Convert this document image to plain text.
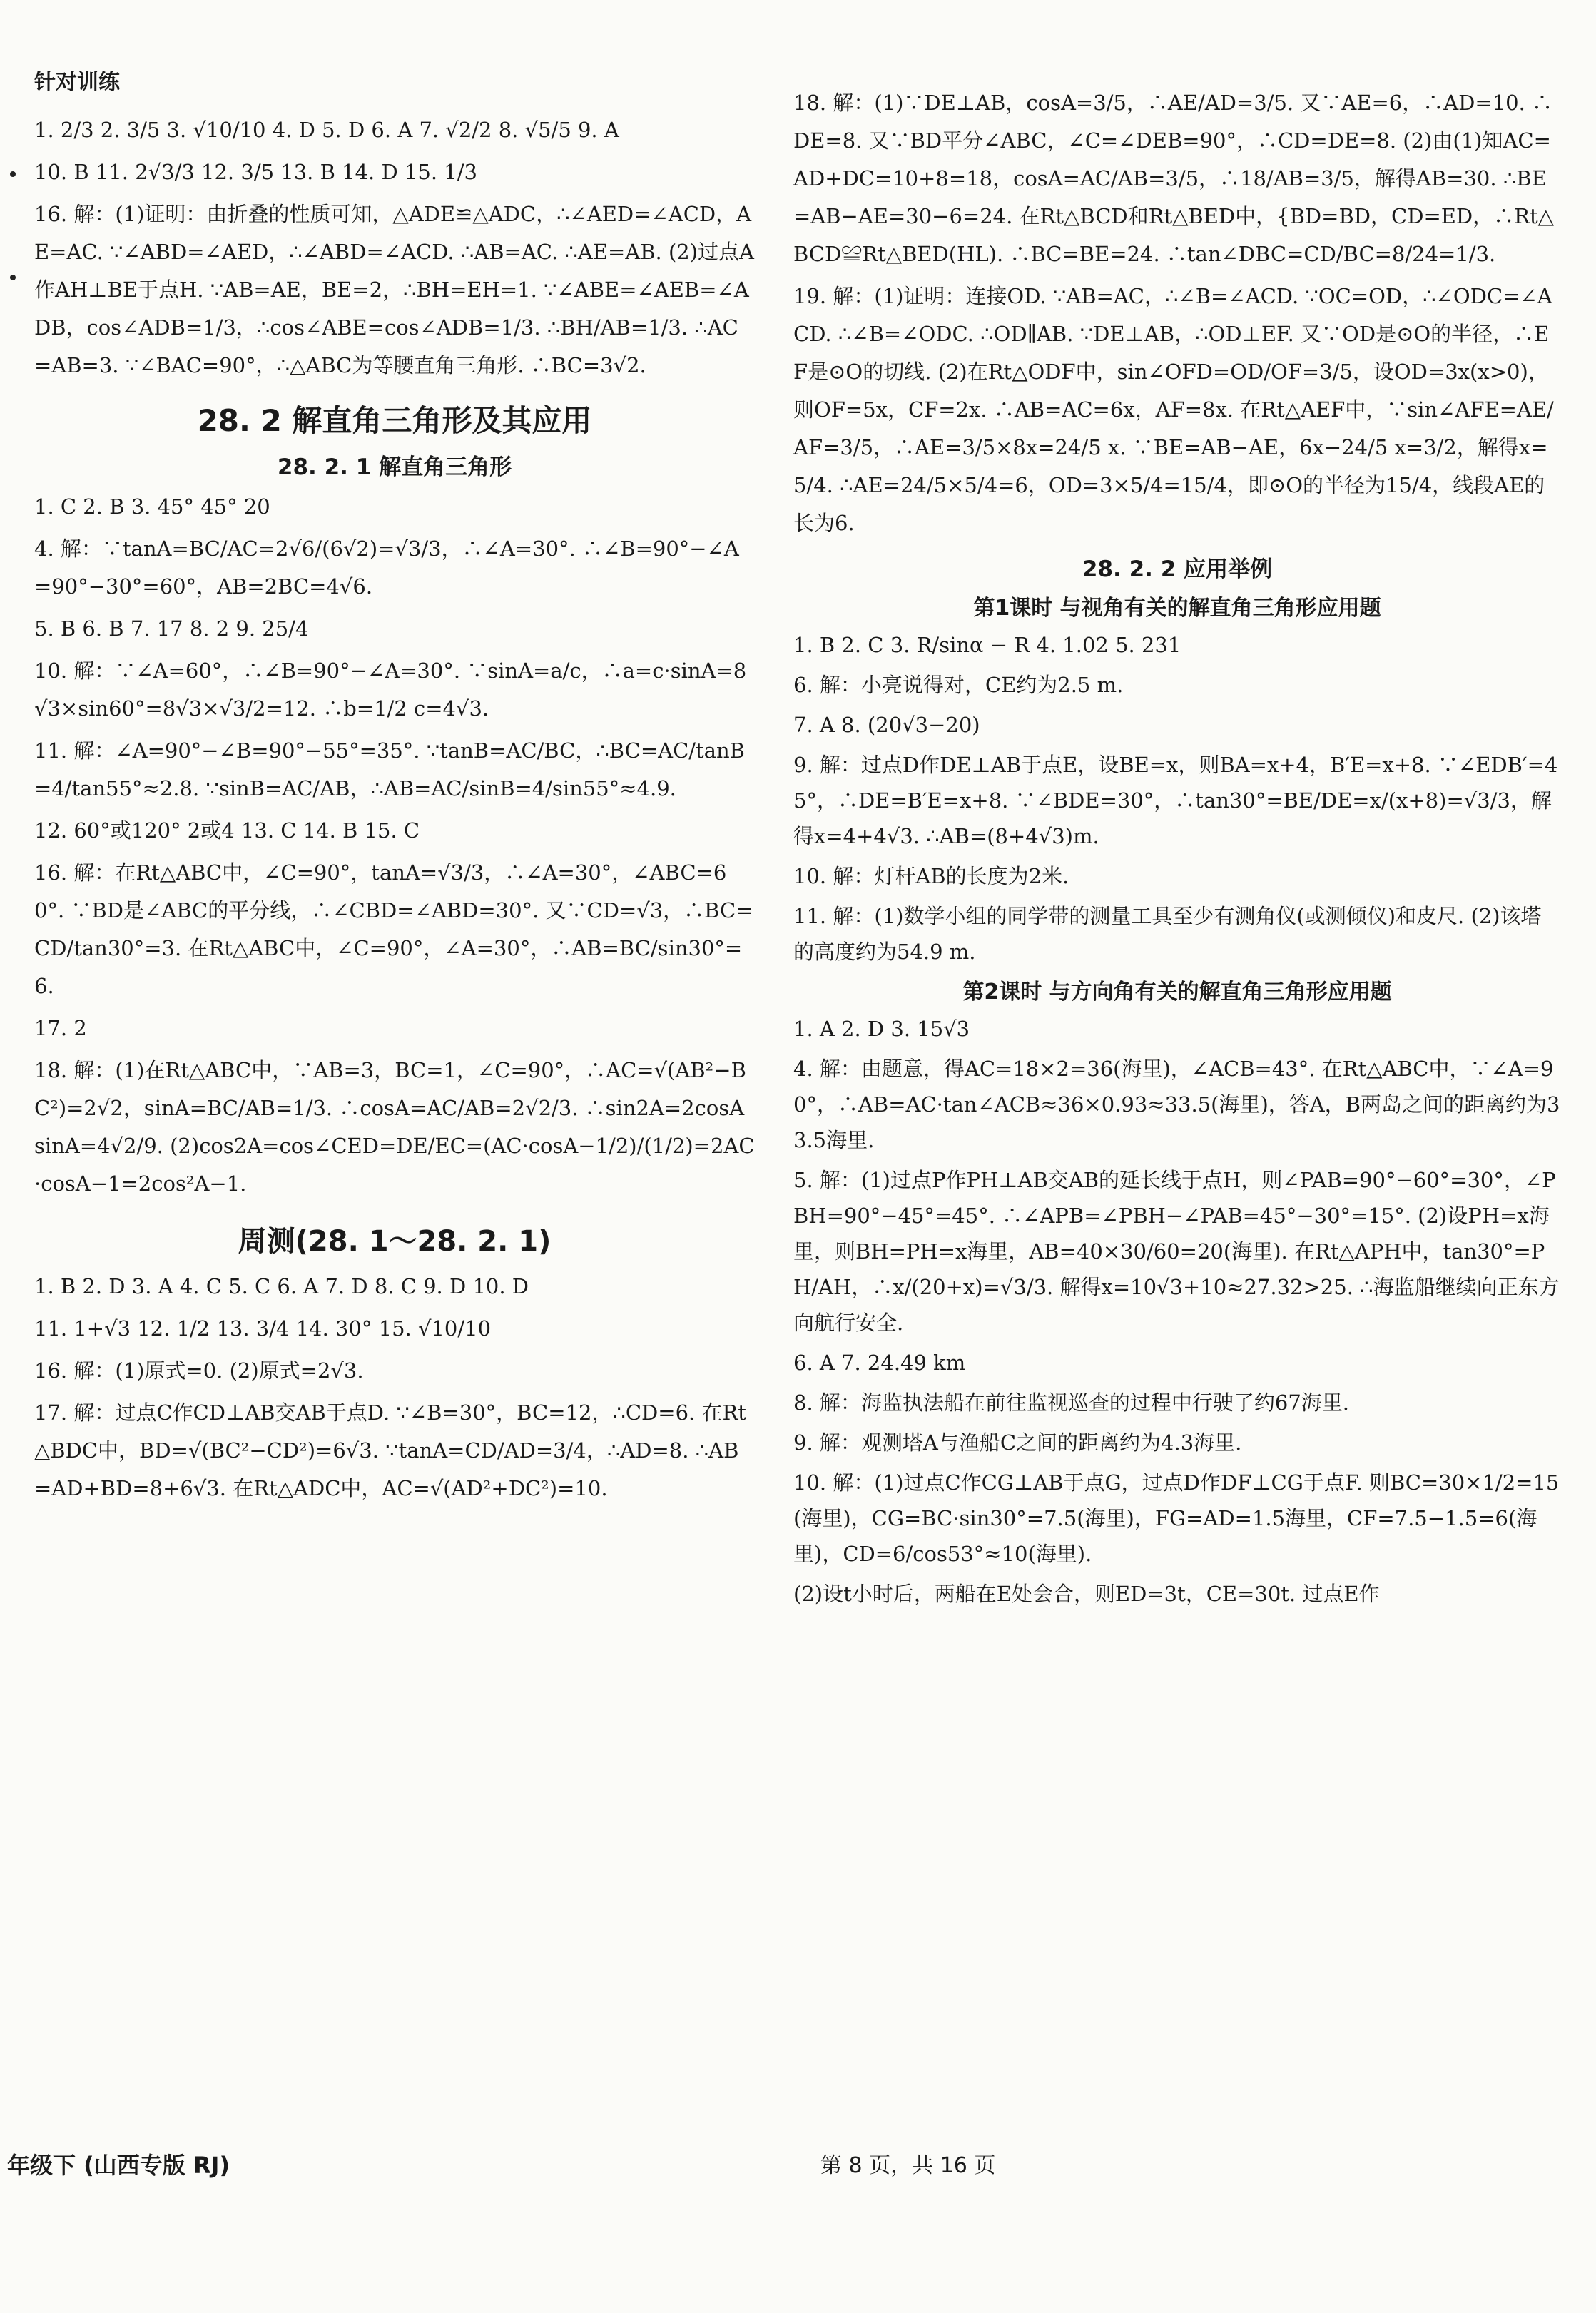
针对训练

1. 2/3 2. 3/5 3. √10/10 4. D 5. D 6. A 7. √2/2 8. √5/5 9. A

10. B 11. 2√3/3 12. 3/5 13. B 14. D 15. 1/3

16. 解：(1)证明：由折叠的性质可知，△ADE≌△ADC，∴∠AED=∠ACD，AE=AC. ∵∠ABD=∠AED，∴∠ABD=∠ACD. ∴AB=AC. ∴AE=AB. (2)过点A作AH⊥BE于点H. ∵AB=AE，BE=2，∴BH=EH=1. ∵∠ABE=∠AEB=∠ADB，cos∠ADB=1/3，∴cos∠ABE=cos∠ADB=1/3. ∴BH/AB=1/3. ∴AC=AB=3. ∵∠BAC=90°，∴△ABC为等腰直角三角形. ∴BC=3√2.

28. 2 解直角三角形及其应用
28. 2. 1 解直角三角形

1. C 2. B 3. 45° 45° 20

4. 解：∵tanA=BC/AC=2√6/(6√2)=√3/3，∴∠A=30°. ∴∠B=90°−∠A=90°−30°=60°，AB=2BC=4√6.

5. B 6. B 7. 17 8. 2 9. 25/4

10. 解：∵∠A=60°，∴∠B=90°−∠A=30°. ∵sinA=a/c，∴a=c·sinA=8√3×sin60°=8√3×√3/2=12. ∴b=1/2 c=4√3.

11. 解：∠A=90°−∠B=90°−55°=35°. ∵tanB=AC/BC，∴BC=AC/tanB=4/tan55°≈2.8. ∵sinB=AC/AB，∴AB=AC/sinB=4/sin55°≈4.9.

12. 60°或120° 2或4 13. C 14. B 15. C

16. 解：在Rt△ABC中，∠C=90°，tanA=√3/3，∴∠A=30°，∠ABC=60°. ∵BD是∠ABC的平分线，∴∠CBD=∠ABD=30°. 又∵CD=√3，∴BC=CD/tan30°=3. 在Rt△ABC中，∠C=90°，∠A=30°，∴AB=BC/sin30°=6.

17. 2

18. 解：(1)在Rt△ABC中，∵AB=3，BC=1，∠C=90°，∴AC=√(AB²−BC²)=2√2，sinA=BC/AB=1/3. ∴cosA=AC/AB=2√2/3. ∴sin2A=2cosAsinA=4√2/9. (2)cos2A=cos∠CED=DE/EC=(AC·cosA−1/2)/(1/2)=2AC·cosA−1=2cos²A−1.

周测(28. 1～28. 2. 1)

1. B 2. D 3. A 4. C 5. C 6. A 7. D 8. C 9. D 10. D

11. 1+√3 12. 1/2 13. 3/4 14. 30° 15. √10/10

16. 解：(1)原式=0. (2)原式=2√3.

17. 解：过点C作CD⊥AB交AB于点D. ∵∠B=30°，BC=12，∴CD=6. 在Rt△BDC中，BD=√(BC²−CD²)=6√3. ∵tanA=CD/AD=3/4，∴AD=8. ∴AB=AD+BD=8+6√3. 在Rt△ADC中，AC=√(AD²+DC²)=10.

18. 解：(1)∵DE⊥AB，cosA=3/5，∴AE/AD=3/5. 又∵AE=6，∴AD=10. ∴DE=8. 又∵BD平分∠ABC，∠C=∠DEB=90°，∴CD=DE=8. (2)由(1)知AC=AD+DC=10+8=18，cosA=AC/AB=3/5，∴18/AB=3/5，解得AB=30. ∴BE=AB−AE=30−6=24. 在Rt△BCD和Rt△BED中，{BD=BD，CD=ED，∴Rt△BCD≌Rt△BED(HL). ∴BC=BE=24. ∴tan∠DBC=CD/BC=8/24=1/3.

19. 解：(1)证明：连接OD. ∵AB=AC，∴∠B=∠ACD. ∵OC=OD，∴∠ODC=∠ACD. ∴∠B=∠ODC. ∴OD∥AB. ∵DE⊥AB，∴OD⊥EF. 又∵OD是⊙O的半径，∴EF是⊙O的切线. (2)在Rt△ODF中，sin∠OFD=OD/OF=3/5，设OD=3x(x>0)，则OF=5x，CF=2x. ∴AB=AC=6x，AF=8x. 在Rt△AEF中，∵sin∠AFE=AE/AF=3/5，∴AE=3/5×8x=24/5 x. ∵BE=AB−AE，6x−24/5 x=3/2，解得x=5/4. ∴AE=24/5×5/4=6，OD=3×5/4=15/4，即⊙O的半径为15/4，线段AE的长为6.

28. 2. 2 应用举例
第1课时 与视角有关的解直角三角形应用题

1. B 2. C 3. R/sinα − R 4. 1.02 5. 231

6. 解：小亮说得对，CE约为2.5 m.

7. A 8. (20√3−20)

9. 解：过点D作DE⊥AB于点E，设BE=x，则BA=x+4，B′E=x+8. ∵∠EDB′=45°，∴DE=B′E=x+8. ∵∠BDE=30°，∴tan30°=BE/DE=x/(x+8)=√3/3，解得x=4+4√3. ∴AB=(8+4√3)m.

10. 解：灯杆AB的长度为2米.

11. 解：(1)数学小组的同学带的测量工具至少有测角仪(或测倾仪)和皮尺. (2)该塔的高度约为54.9 m.

第2课时 与方向角有关的解直角三角形应用题

1. A 2. D 3. 15√3

4. 解：由题意，得AC=18×2=36(海里)，∠ACB=43°. 在Rt△ABC中，∵∠A=90°，∴AB=AC·tan∠ACB≈36×0.93≈33.5(海里)，答A，B两岛之间的距离约为33.5海里.

5. 解：(1)过点P作PH⊥AB交AB的延长线于点H，则∠PAB=90°−60°=30°，∠PBH=90°−45°=45°. ∴∠APB=∠PBH−∠PAB=45°−30°=15°. (2)设PH=x海里，则BH=PH=x海里，AB=40×30/60=20(海里). 在Rt△APH中，tan30°=PH/AH，∴x/(20+x)=√3/3. 解得x=10√3+10≈27.32>25. ∴海监船继续向正东方向航行安全.

6. A 7. 24.49 km

8. 解：海监执法船在前往监视巡查的过程中行驶了约67海里.

9. 解：观测塔A与渔船C之间的距离约为4.3海里.

10. 解：(1)过点C作CG⊥AB于点G，过点D作DF⊥CG于点F. 则BC=30×1/2=15(海里)，CG=BC·sin30°=7.5(海里)，FG=AD=1.5海里，CF=7.5−1.5=6(海里)，CD=6/cos53°≈10(海里).

(2)设t小时后，两船在E处会合，则ED=3t，CE=30t. 过点E作

年级下 (山西专版 RJ)	第 8 页，共 16 页
